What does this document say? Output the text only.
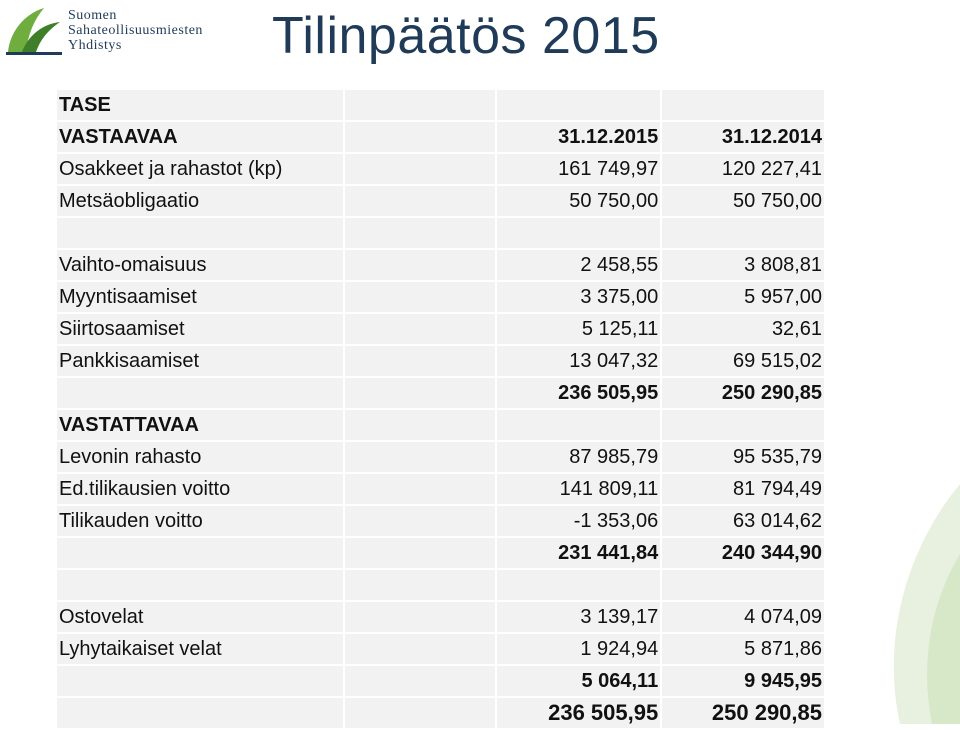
Suomen
Sahateollisuusmiesten
Yhdistys	Tilinpäätös 2015
TASE			
VASTAAVAA		31.12.2015	31.12.2014
Osakkeet ja rahastot (kp)		161 749,97	120 227,41
Metsäobligaatio		50 750,00	50 750,00

Vaihto-omaisuus		2 458,55	3 808,81
Myyntisaamiset		3 375,00	5 957,00
Siirtosaamiset		5 125,11	32,61
Pankkisaamiset		13 047,32	69 515,02
		236 505,95	250 290,85
VASTATTAVAA			
Levonin rahasto		87 985,79	95 535,79
Ed.tilikausien voitto		141 809,11	81 794,49
Tilikauden voitto		-1 353,06	63 014,62
		231 441,84	240 344,90

Ostovelat		3 139,17	4 074,09
Lyhytaikaiset velat		1 924,94	5 871,86
		5 064,11	9 945,95
		236 505,95	250 290,85
